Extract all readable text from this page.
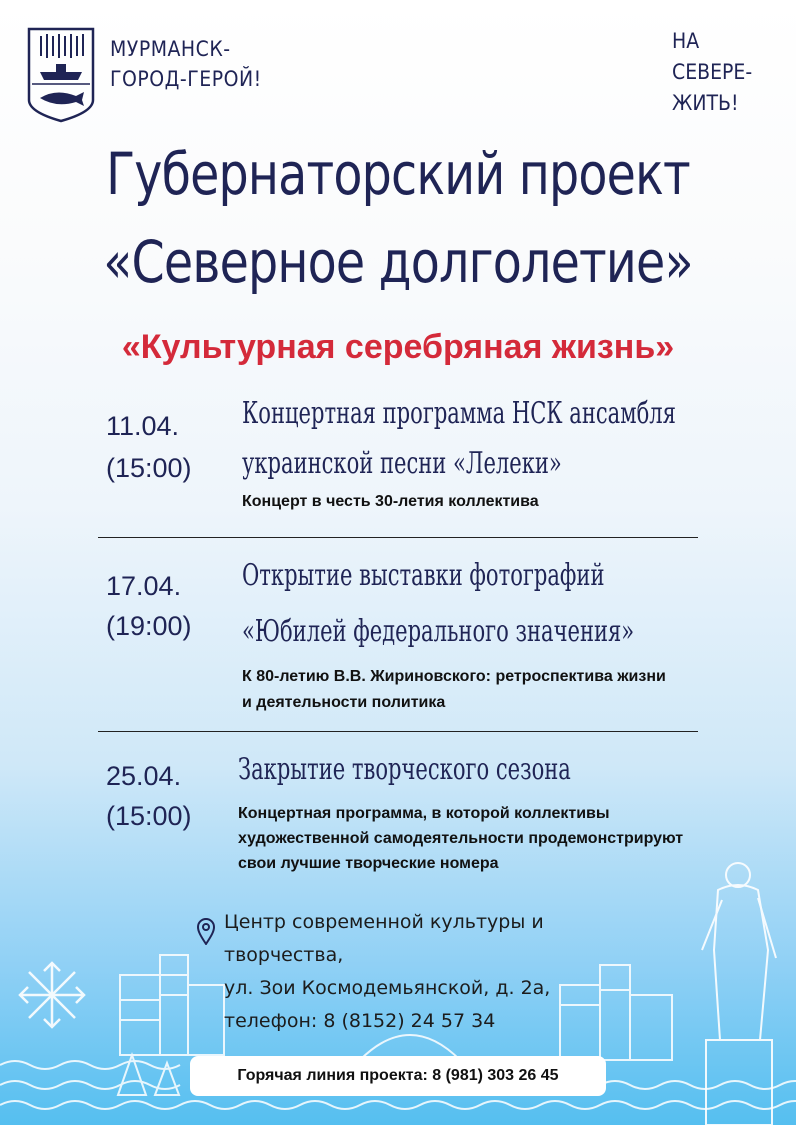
МУРМАНСК-
ГОРОД-ГЕРОЙ!
НА
СЕВЕРЕ-
ЖИТЬ!
Губернаторский проект
«Северное долголетие»
«Культурная серебряная жизнь»
11.04.
(15:00)
Концертная программа НСК ансамбля
украинской песни «Лелеки»
Концерт в честь 30-летия коллектива
17.04.
(19:00)
Открытие выставки фотографий
«Юбилей федерального значения»
К 80-летию В.В. Жириновского: ретроспектива жизни
и деятельности политика
25.04.
(15:00)
Закрытие творческого сезона
Концертная программа, в которой коллективы
художественной самодеятельности продемонстрируют
свои лучшие творческие номера
Центр современной культуры и
творчества,
ул. Зои Космодемьянской, д. 2а,
телефон: 8 (8152) 24 57 34
Горячая линия проекта: 8 (981) 303 26 45
